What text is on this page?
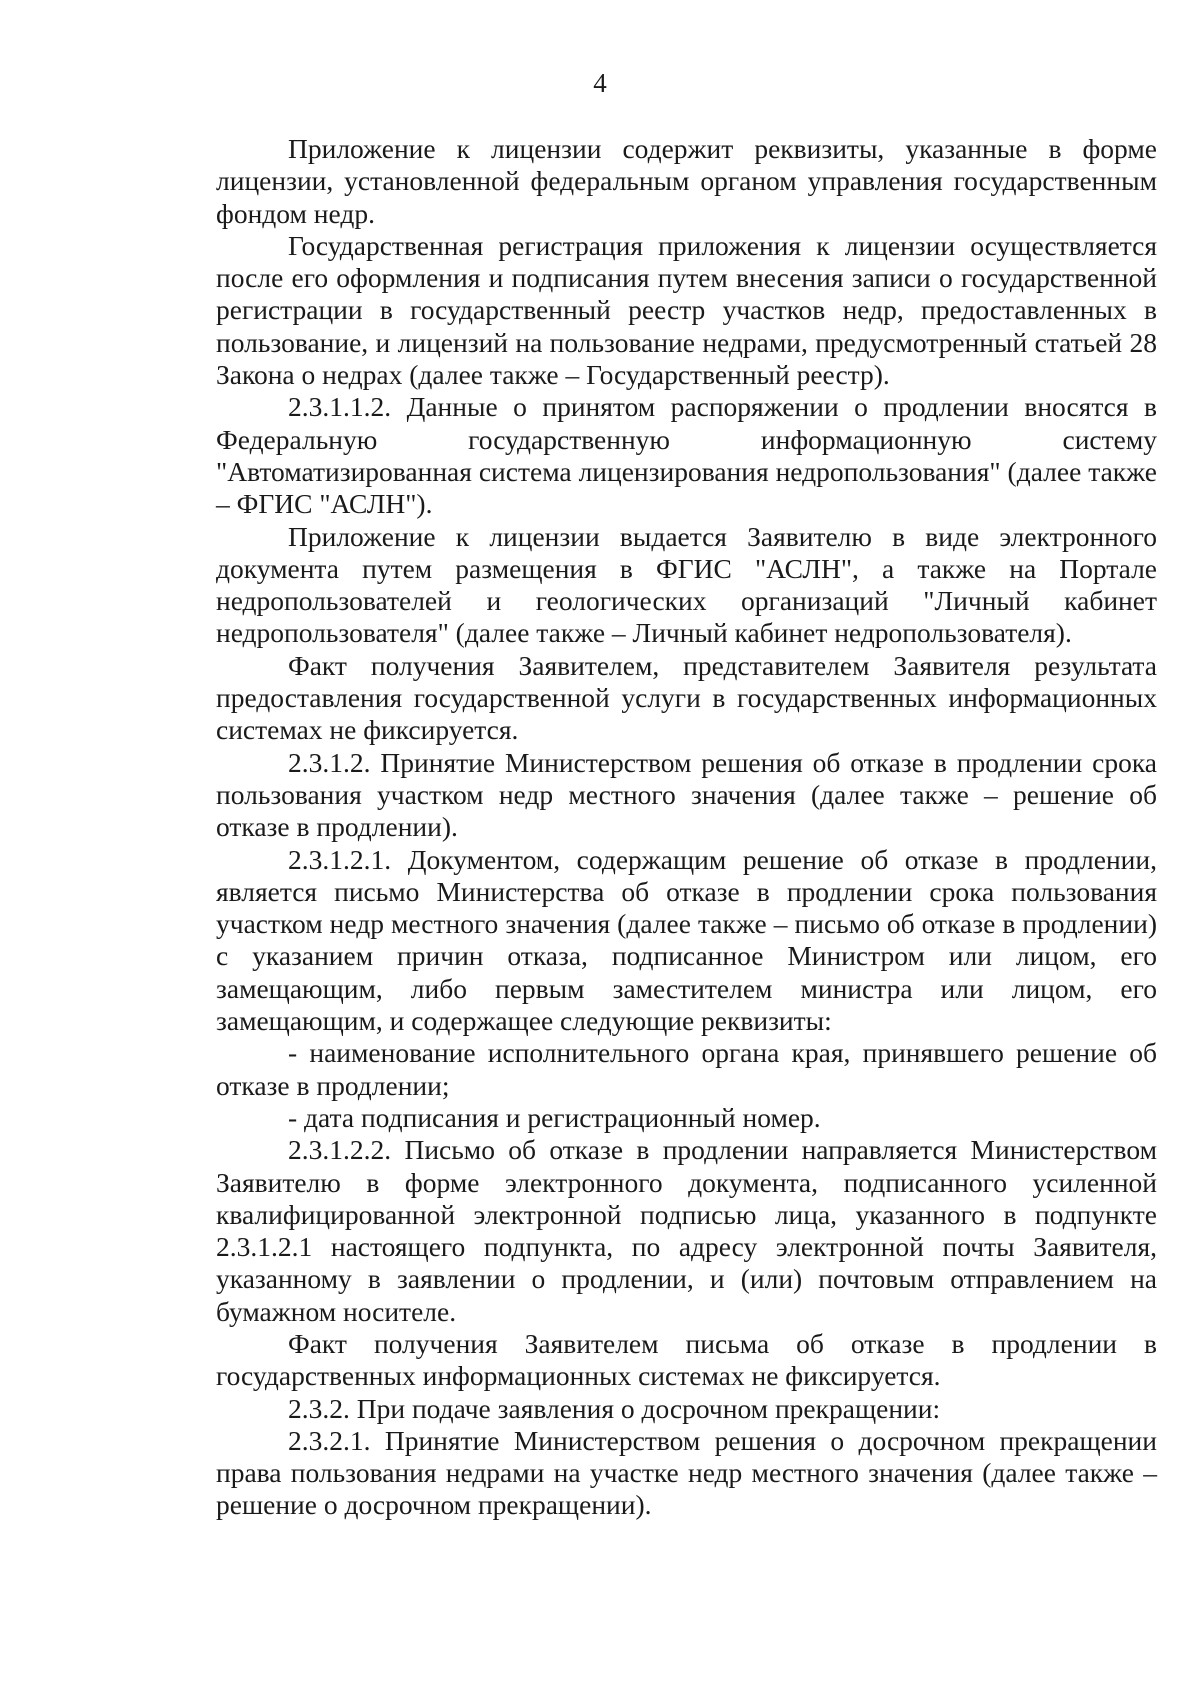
4

Приложение к лицензии содержит реквизиты, указанные в форме лицензии, установленной федеральным органом управления государственным фондом недр.

Государственная регистрация приложения к лицензии осуществляется после его оформления и подписания путем внесения записи о государственной регистрации в государственный реестр участков недр, предоставленных в пользование, и лицензий на пользование недрами, предусмотренный статьей 28 Закона о недрах (далее также – Государственный реестр).

2.3.1.1.2. Данные о принятом распоряжении о продлении вносятся в Федеральную государственную информационную систему "Автоматизированная система лицензирования недропользования" (далее также – ФГИС "АСЛН").

Приложение к лицензии выдается Заявителю в виде электронного документа путем размещения в ФГИС "АСЛН", а также на Портале недропользователей и геологических организаций "Личный кабинет недропользователя" (далее также – Личный кабинет недропользователя).

Факт получения Заявителем, представителем Заявителя результата предоставления государственной услуги в государственных информационных системах не фиксируется.

2.3.1.2. Принятие Министерством решения об отказе в продлении срока пользования участком недр местного значения (далее также – решение об отказе в продлении).

2.3.1.2.1. Документом, содержащим решение об отказе в продлении, является письмо Министерства об отказе в продлении срока пользования участком недр местного значения (далее также – письмо об отказе в продлении) с указанием причин отказа, подписанное Министром или лицом, его замещающим, либо первым заместителем министра или лицом, его замещающим, и содержащее следующие реквизиты:

- наименование исполнительного органа края, принявшего решение об отказе в продлении;

- дата подписания и регистрационный номер.

2.3.1.2.2. Письмо об отказе в продлении направляется Министерством Заявителю в форме электронного документа, подписанного усиленной квалифицированной электронной подписью лица, указанного в подпункте 2.3.1.2.1 настоящего подпункта, по адресу электронной почты Заявителя, указанному в заявлении о продлении, и (или) почтовым отправлением на бумажном носителе.

Факт получения Заявителем письма об отказе в продлении в государственных информационных системах не фиксируется.

2.3.2. При подаче заявления о досрочном прекращении:

2.3.2.1. Принятие Министерством решения о досрочном прекращении права пользования недрами на участке недр местного значения (далее также – решение о досрочном прекращении).
